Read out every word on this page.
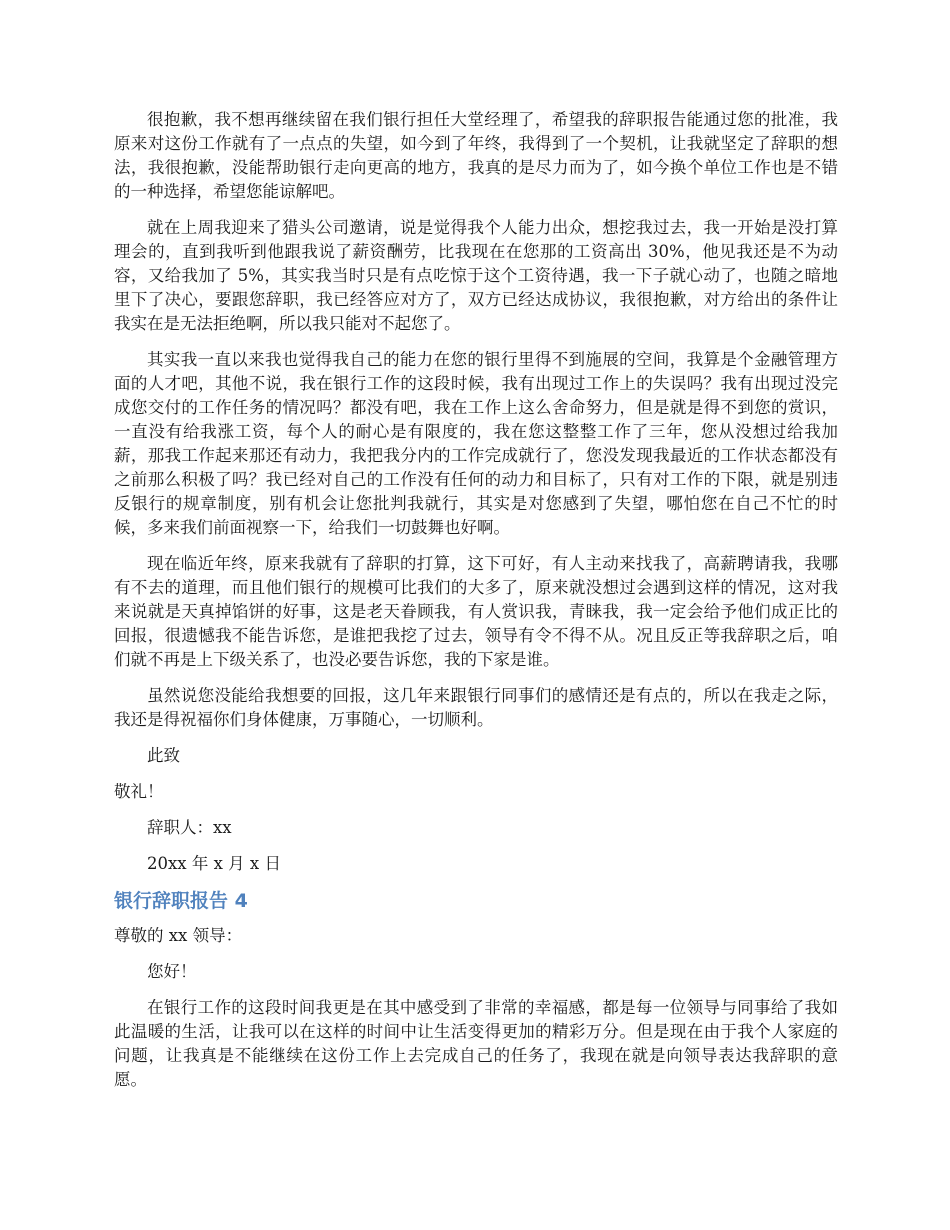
很抱歉，我不想再继续留在我们银行担任大堂经理了，希望我的辞职报告能通过您的批准，我原来对这份工作就有了一点点的失望，如今到了年终，我得到了一个契机，让我就坚定了辞职的想法，我很抱歉，没能帮助银行走向更高的地方，我真的是尽力而为了，如今换个单位工作也是不错的一种选择，希望您能谅解吧。

就在上周我迎来了猎头公司邀请，说是觉得我个人能力出众，想挖我过去，我一开始是没打算理会的，直到我听到他跟我说了薪资酬劳，比我现在在您那的工资高出 30%，他见我还是不为动容，又给我加了 5%，其实我当时只是有点吃惊于这个工资待遇，我一下子就心动了，也随之暗地里下了决心，要跟您辞职，我已经答应对方了，双方已经达成协议，我很抱歉，对方给出的条件让我实在是无法拒绝啊，所以我只能对不起您了。

其实我一直以来我也觉得我自己的能力在您的银行里得不到施展的空间，我算是个金融管理方面的人才吧，其他不说，我在银行工作的这段时候，我有出现过工作上的失误吗？我有出现过没完成您交付的工作任务的情况吗？都没有吧，我在工作上这么舍命努力，但是就是得不到您的赏识，一直没有给我涨工资，每个人的耐心是有限度的，我在您这整整工作了三年，您从没想过给我加薪，那我工作起来那还有动力，我把我分内的工作完成就行了，您没发现我最近的工作状态都没有之前那么积极了吗？我已经对自己的工作没有任何的动力和目标了，只有对工作的下限，就是别违反银行的规章制度，别有机会让您批判我就行，其实是对您感到了失望，哪怕您在自己不忙的时候，多来我们前面视察一下，给我们一切鼓舞也好啊。

现在临近年终，原来我就有了辞职的打算，这下可好，有人主动来找我了，高薪聘请我，我哪有不去的道理，而且他们银行的规模可比我们的大多了，原来就没想过会遇到这样的情况，这对我来说就是天真掉馅饼的好事，这是老天眷顾我，有人赏识我，青睐我，我一定会给予他们成正比的回报，很遗憾我不能告诉您，是谁把我挖了过去，领导有令不得不从。况且反正等我辞职之后，咱们就不再是上下级关系了，也没必要告诉您，我的下家是谁。

虽然说您没能给我想要的回报，这几年来跟银行同事们的感情还是有点的，所以在我走之际，我还是得祝福你们身体健康，万事随心，一切顺利。

此致

敬礼！

辞职人：xx

20xx 年 x 月 x 日

银行辞职报告 4

尊敬的 xx 领导：

您好！

在银行工作的这段时间我更是在其中感受到了非常的幸福感，都是每一位领导与同事给了我如此温暖的生活，让我可以在这样的时间中让生活变得更加的精彩万分。但是现在由于我个人家庭的问题，让我真是不能继续在这份工作上去完成自己的任务了，我现在就是向领导表达我辞职的意愿。
